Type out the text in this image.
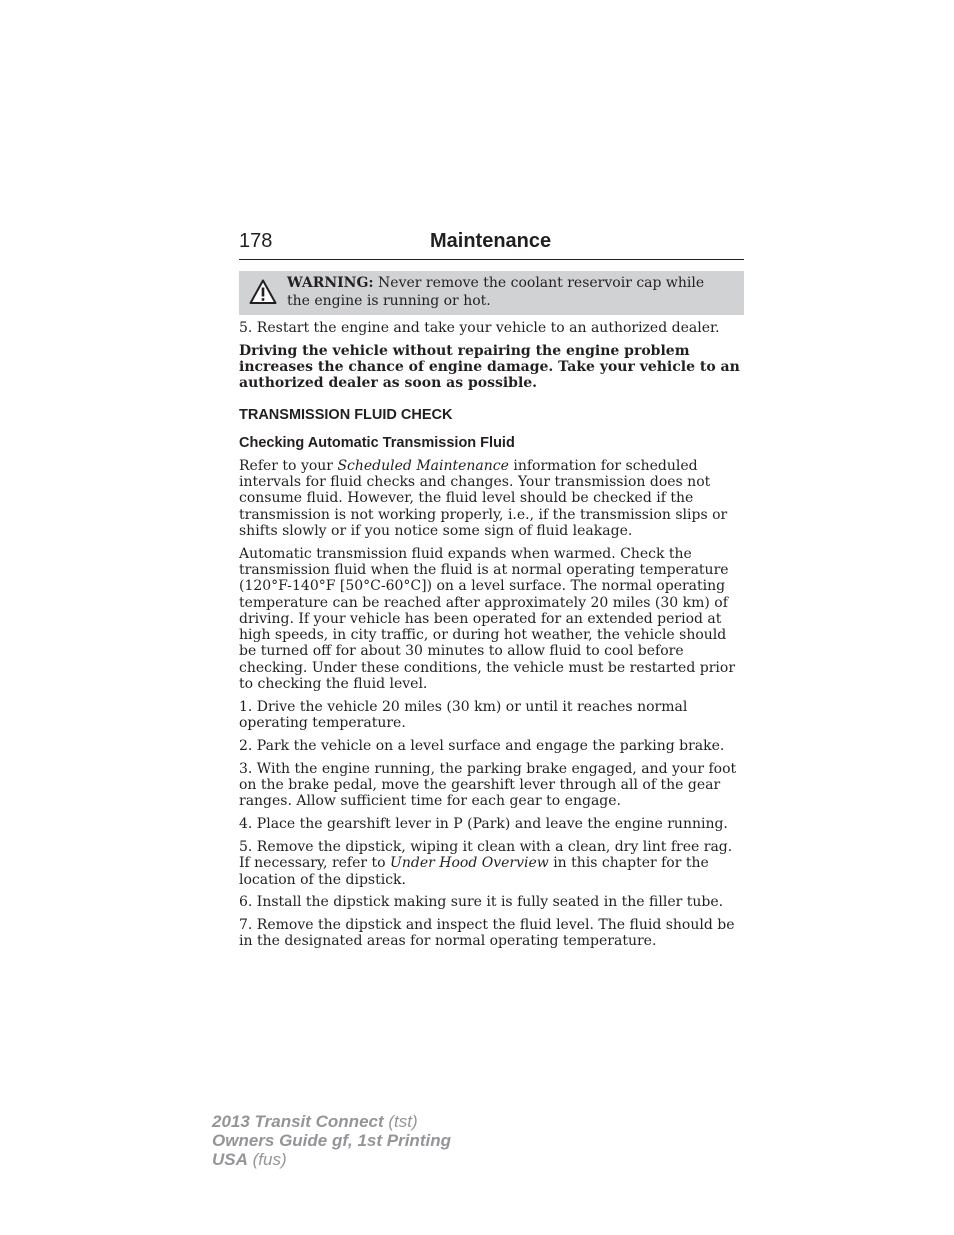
178	Maintenance
WARNING: Never remove the coolant reservoir cap while the engine is running or hot.

5. Restart the engine and take your vehicle to an authorized dealer.

Driving the vehicle without repairing the engine problem increases the chance of engine damage. Take your vehicle to an authorized dealer as soon as possible.

TRANSMISSION FLUID CHECK
Checking Automatic Transmission Fluid

Refer to your Scheduled Maintenance information for scheduled intervals for fluid checks and changes. Your transmission does not consume fluid. However, the fluid level should be checked if the transmission is not working properly, i.e., if the transmission slips or shifts slowly or if you notice some sign of fluid leakage.

Automatic transmission fluid expands when warmed. Check the transmission fluid when the fluid is at normal operating temperature (120°F-140°F [50°C-60°C]) on a level surface. The normal operating temperature can be reached after approximately 20 miles (30 km) of driving. If your vehicle has been operated for an extended period at high speeds, in city traffic, or during hot weather, the vehicle should be turned off for about 30 minutes to allow fluid to cool before checking. Under these conditions, the vehicle must be restarted prior to checking the fluid level.

1. Drive the vehicle 20 miles (30 km) or until it reaches normal operating temperature.

2. Park the vehicle on a level surface and engage the parking brake.

3. With the engine running, the parking brake engaged, and your foot on the brake pedal, move the gearshift lever through all of the gear ranges. Allow sufficient time for each gear to engage.

4. Place the gearshift lever in P (Park) and leave the engine running.

5. Remove the dipstick, wiping it clean with a clean, dry lint free rag. If necessary, refer to Under Hood Overview in this chapter for the location of the dipstick.

6. Install the dipstick making sure it is fully seated in the filler tube.

7. Remove the dipstick and inspect the fluid level. The fluid should be in the designated areas for normal operating temperature.

2013 Transit Connect (tst)
Owners Guide gf, 1st Printing
USA (fus)
